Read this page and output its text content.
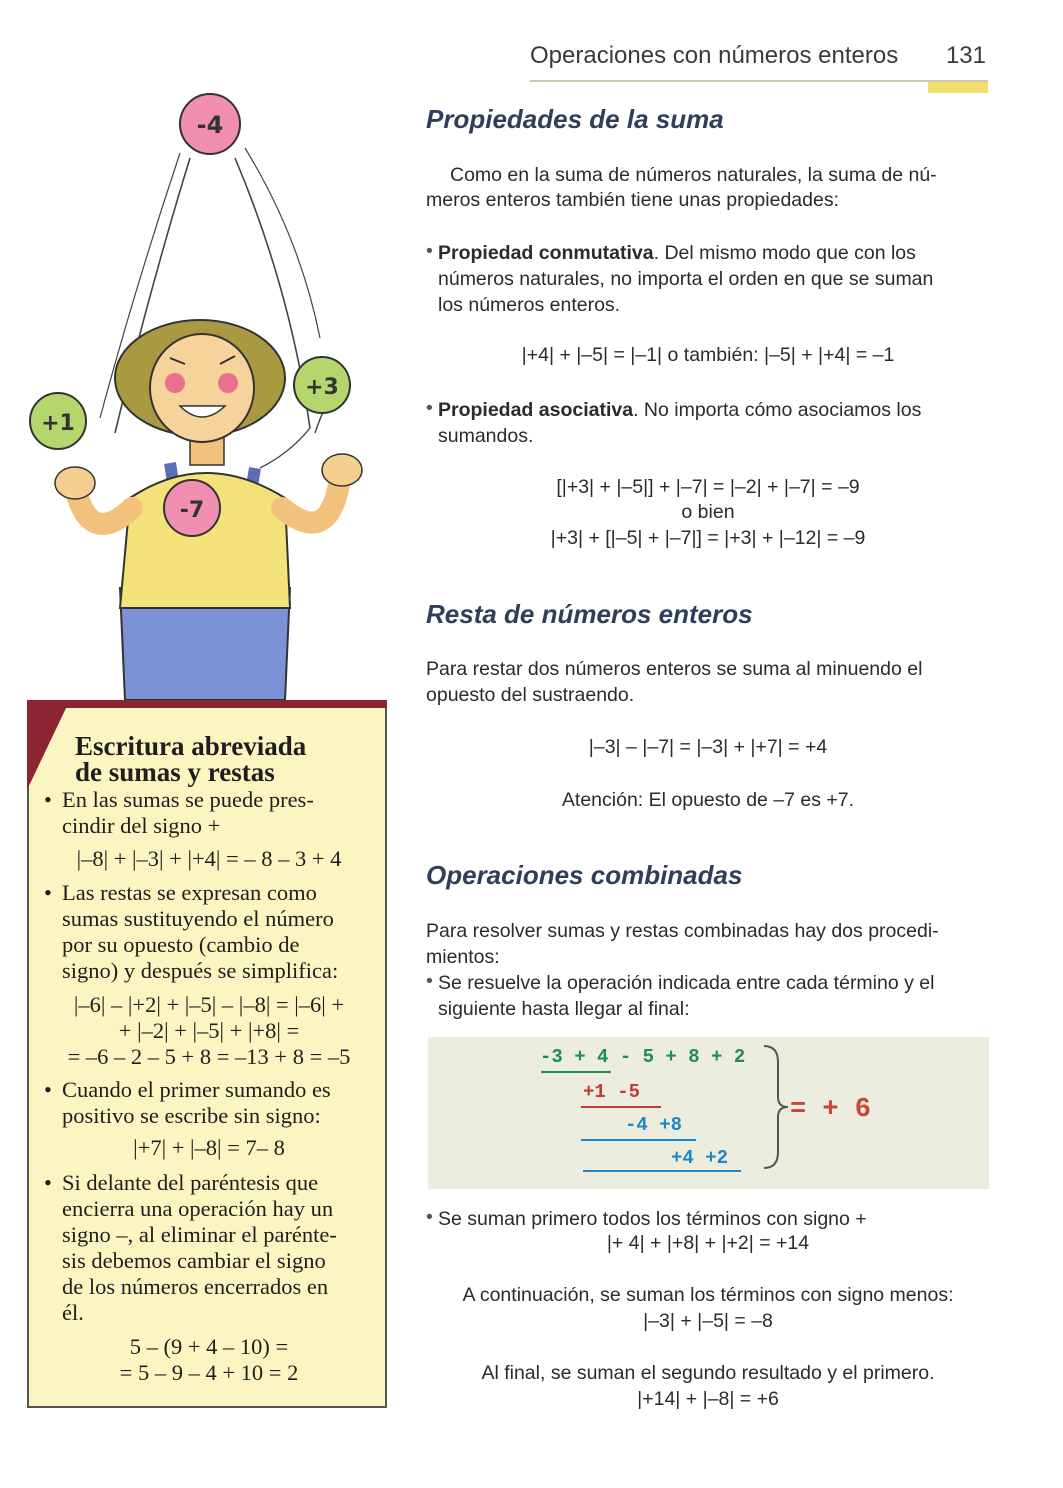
Operaciones con números enteros 131
-4
+1
+3
-7
Escritura abreviada
de sumas y restas
• En las sumas se puede pres-
cindir del signo +
|–8| + |–3| + |+4| = – 8 – 3 + 4
• Las restas se expresan como
sumas sustituyendo el número
por su opuesto (cambio de
signo) y después se simplifica:
|–6| – |+2| + |–5| – |–8| = |–6| +
+ |–2| + |–5| + |+8| =
= –6 – 2 – 5 + 8 = –13 + 8 = –5
• Cuando el primer sumando es
positivo se escribe sin signo:
|+7| + |–8| = 7– 8
• Si delante del paréntesis que
encierra una operación hay un
signo –, al eliminar el parénte-
sis debemos cambiar el signo
de los números encerrados en
él.
5 – (9 + 4 – 10) =
= 5 – 9 – 4 + 10 = 2
Propiedades de la suma
Como en la suma de números naturales, la suma de nú-
meros enteros también tiene unas propiedades:
• Propiedad conmutativa. Del mismo modo que con los
números naturales, no importa el orden en que se suman
los números enteros.
|+4| + |–5| = |–1| o también: |–5| + |+4| = –1
• Propiedad asociativa. No importa cómo asociamos los
sumandos.
[|+3| + |–5|] + |–7| = |–2| + |–7| = –9
o bien
|+3| + [|–5| + |–7|] = |+3| + |–12| = –9
Resta de números enteros
Para restar dos números enteros se suma al minuendo el
opuesto del sustraendo.
|–3| – |–7| = |–3| + |+7| = +4
Atención: El opuesto de –7 es +7.
Operaciones combinadas
Para resolver sumas y restas combinadas hay dos procedi-
mientos:
• Se resuelve la operación indicada entre cada término y el
siguiente hasta llegar al final:
-3 + 4 - 5 + 8 + 2
+1 -5
-4 +8
+4 +2
= + 6
• Se suman primero todos los términos con signo +
|+ 4| + |+8| + |+2| = +14
A continuación, se suman los términos con signo menos:
|–3| + |–5| = –8
Al final, se suman el segundo resultado y el primero.
|+14| + |–8| = +6
